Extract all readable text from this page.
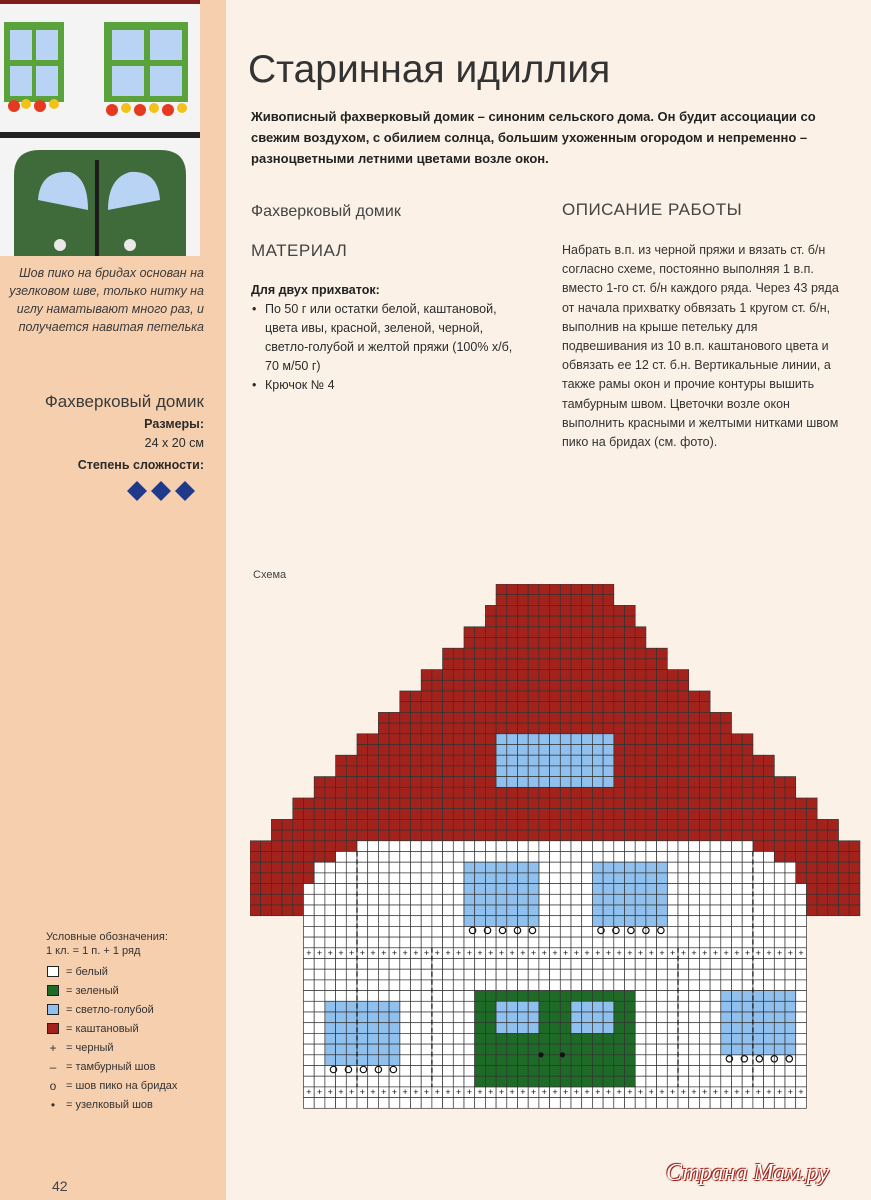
Шов пико на бридах основан на узелковом шве, только нитку на иглу наматывают много раз, и получается навитая петелька
Фахверковый домик
Размеры:
24 х 20 см
Степень сложности:
Условные обозначения:
1 кл. = 1 п. + 1 ряд
= белый
= зеленый
= светло-голубой
= каштановый
+ = черный
– = тамбурный шов
o = шов пико на бридах
• = узелковый шов
42
Старинная идиллия
Живописный фахверковый домик – синоним сельского дома. Он будит ассоциации со свежим воздухом, с обилием солнца, большим ухоженным огородом и непременно – разноцветными летними цветами возле окон.
Фахверковый домик
МАТЕРИАЛ
Для двух прихваток:
• По 50 г или остатки белой, каштановой, цвета ивы, красной, зеленой, черной, светло-голубой и желтой пряжи (100% х/б, 70 м/50 г)
• Крючок № 4
ОПИСАНИЕ РАБОТЫ
Набрать в.п. из черной пряжи и вязать ст. б/н согласно схеме, постоянно выполняя 1 в.п. вместо 1-го ст. б/н каждого ряда. Через 43 ряда от начала прихватку обвязать 1 кругом ст. б/н, выполнив на крыше петельку для подвешивания из 10 в.п. каштанового цвета и обвязать ее 12 ст. б.н. Вертикальные линии, а также рамы окон и прочие контуры вышить тамбурным швом. Цветочки возле окон выполнить красными и желтыми нитками швом пико на бридах (см. фото).
Схема
+ + + + + + + + + + + + + + + + + + + + + + + + + + + + + + + + + + + + + + + + + + + + + + +
+ + + + + + + + + + + + + + + + + + + + + + + + + + + + + + + + + + + + + + + + + + + + + + +
Страна Мам.ру
